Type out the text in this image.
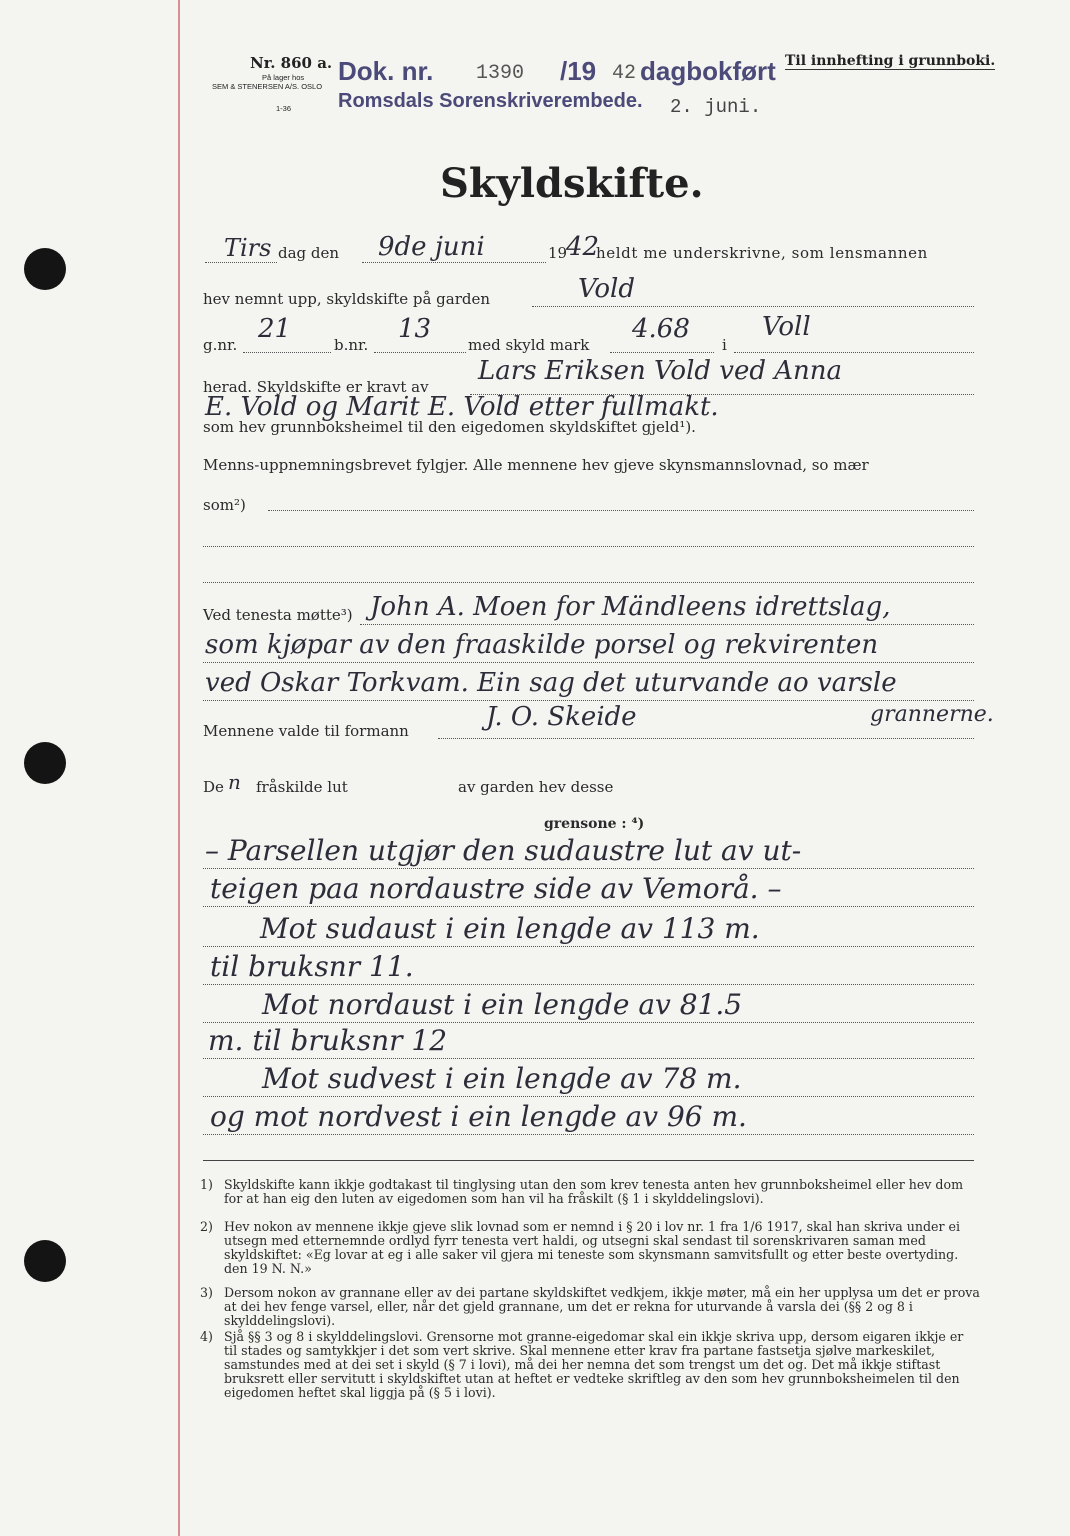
Nr. 860 a.
På lager hos
SEM & STENERSEN A/S. OSLO
1-36
Dok. nr. 1390 /19 42 dagbokført
Romsdals Sorenskriverembede. 2. juni.
Til innhefting i grunnboki.
Skyldskifte.
Tirs dag den 9de juni	19
42
heldt me underskrivne, som lensmannen
hev nemnt upp, skyldskifte på garden	Vold
g.nr.
21
b.nr.
13
med skyld mark
4.68
i
Voll
herad. Skyldskifte er kravt av
Lars Eriksen Vold ved Anna
E. Vold og Marit E. Vold etter fullmakt.
som hev grunnboksheimel til den eigedomen skyldskiftet gjeld¹).
Menns-uppnemningsbrevet fylgjer. Alle mennene hev gjeve skynsmannslovnad, so mær
som²)
Ved tenesta møtte³) John A. Moen for Mändleens idrettslag,
som kjøpar av den fraaskilde porsel og rekvirenten
ved Oskar Torkvam. Ein sag det uturvande ao varsle
Mennene valde til formann	J. O. Skeide	grannerne.
De n fråskilde lut	av garden hev desse
grensone : ⁴)
– Parsellen utgjør den sudaustre lut av ut-
teigen paa nordaustre side av Vemorå. –
Mot sudaust i ein lengde av 113 m.
til bruksnr 11.
Mot nordaust i ein lengde av 81.5
m. til bruksnr 12
Mot sudvest i ein lengde av 78 m.
og mot nordvest i ein lengde av 96 m.
1) Skyldskifte kann ikkje godtakast til tinglysing utan den som krev tenesta anten hev grunnboksheimel eller hev dom for at han eig den luten av eigedomen som han vil ha fråskilt (§ 1 i skylddelingslovi).
2) Hev nokon av mennene ikkje gjeve slik lovnad som er nemnd i § 20 i lov nr. 1 fra 1/6 1917, skal han skriva under ei utsegn med etternemnde ordlyd fyrr tenesta vert haldi, og utsegni skal sendast til sorenskrivaren saman med skyldskiftet: «Eg lovar at eg i alle saker vil gjera mi teneste som skynsmann samvitsfullt og etter beste overtyding. den 19 N. N.»
3) Dersom nokon av grannane eller av dei partane skyldskiftet vedkjem, ikkje møter, må ein her upplysa um det er prova at dei hev fenge varsel, eller, når det gjeld grannane, um det er rekna for uturvande å varsla dei (§§ 2 og 8 i skylddelingslovi).
4) Sjå §§ 3 og 8 i skylddelingslovi. Grensorne mot granne-eigedomar skal ein ikkje skriva upp, dersom eigaren ikkje er til stades og samtykkjer i det som vert skrive. Skal mennene etter krav fra partane fastsetja sjølve markeskilet, samstundes med at dei set i skyld (§ 7 i lovi), må dei her nemna det som trengst um det og. Det må ikkje stiftast bruksrett eller servitutt i skyldskiftet utan at heftet er vedteke skriftleg av den som hev grunnboksheimelen til den eigedomen heftet skal liggja på (§ 5 i lovi).
